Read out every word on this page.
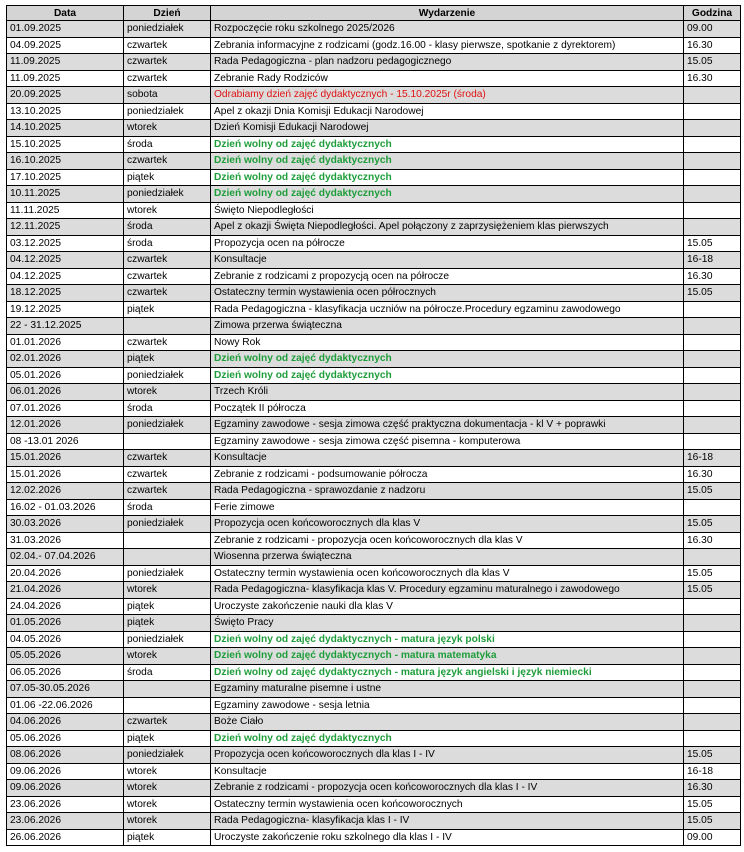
Data	Dzień	Wydarzenie	Godzina
01.09.2025	poniedziałek	Rozpoczęcie roku szkolnego 2025/2026	09.00
04.09.2025	czwartek	Zebrania informacyjne z rodzicami (godz.16.00 - klasy pierwsze, spotkanie z dyrektorem)	16.30
11.09.2025	czwartek	Rada Pedagogiczna - plan nadzoru pedagogicznego	15.05
11.09.2025	czwartek	Zebranie Rady Rodziców	16.30
20.09.2025	sobota	Odrabiamy dzień zajęć dydaktycznych - 15.10.2025r (środa)	
13.10.2025	poniedziałek	Apel z okazji Dnia Komisji Edukacji Narodowej	
14.10.2025	wtorek	Dzień Komisji Edukacji Narodowej	
15.10.2025	środa	Dzień wolny od zajęć dydaktycznych	
16.10.2025	czwartek	Dzień wolny od zajęć dydaktycznych	
17.10.2025	piątek	Dzień wolny od zajęć dydaktycznych	
10.11.2025	poniedziałek	Dzień wolny od zajęć dydaktycznych	
11.11.2025	wtorek	Święto Niepodległości	
12.11.2025	środa	Apel z okazji Święta Niepodległości. Apel połączony z zaprzysiężeniem klas pierwszych	
03.12.2025	środa	Propozycja ocen na półrocze	15.05
04.12.2025	czwartek	Konsultacje	16-18
04.12.2025	czwartek	Zebranie z rodzicami z propozycją ocen na półrocze	16.30
18.12.2025	czwartek	Ostateczny termin wystawienia ocen półrocznych	15.05
19.12.2025	piątek	Rada Pedagogiczna - klasyfikacja uczniów na półrocze.Procedury egzaminu zawodowego	
22 - 31.12.2025		Zimowa przerwa świąteczna	
01.01.2026	czwartek	Nowy Rok	
02.01.2026	piątek	Dzień wolny od zajęć dydaktycznych	
05.01.2026	poniedziałek	Dzień wolny od zajęć dydaktycznych	
06.01.2026	wtorek	Trzech Króli	
07.01.2026	środa	Początek II półrocza	
12.01.2026	poniedziałek	Egzaminy zawodowe - sesja zimowa część praktyczna dokumentacja - kl V + poprawki	
08 -13.01 2026		Egzaminy zawodowe - sesja zimowa część pisemna - komputerowa	
15.01.2026	czwartek	Konsultacje	16-18
15.01.2026	czwartek	Zebranie z rodzicami - podsumowanie półrocza	16.30
12.02.2026	czwartek	Rada Pedagogiczna - sprawozdanie z nadzoru	15.05
16.02 - 01.03.2026	środa	Ferie zimowe	
30.03.2026	poniedziałek	Propozycja ocen końcoworocznych dla klas V	15.05
31.03.2026		Zebranie z rodzicami - propozycja ocen końcoworocznych dla klas V	16.30
02.04.- 07.04.2026		Wiosenna przerwa świąteczna	
20.04.2026	poniedziałek	Ostateczny termin wystawienia ocen końcoworocznych dla klas V	15.05
21.04.2026	wtorek	Rada Pedagogiczna- klasyfikacja klas V. Procedury egzaminu maturalnego i zawodowego	15.05
24.04.2026	piątek	Uroczyste zakończenie nauki dla klas V	
01.05.2026	piątek	Święto Pracy	
04.05.2026	poniedziałek	Dzień wolny od zajęć dydaktycznych - matura język polski	
05.05.2026	wtorek	Dzień wolny od zajęć dydaktycznych - matura matematyka	
06.05.2026	środa	Dzień wolny od zajęć dydaktycznych - matura język angielski i język niemiecki	
07.05-30.05.2026		Egzaminy maturalne pisemne i ustne	
01.06 -22.06.2026		Egzaminy zawodowe - sesja letnia	
04.06.2026	czwartek	Boże Ciało	
05.06.2026	piątek	Dzień wolny od zajęć dydaktycznych	
08.06.2026	poniedziałek	Propozycja ocen końcoworocznych dla klas I - IV	15.05
09.06.2026	wtorek	Konsultacje	16-18
09.06.2026	wtorek	Zebranie z rodzicami - propozycja ocen końcoworocznych dla klas I - IV	16.30
23.06.2026	wtorek	Ostateczny termin wystawienia ocen końcoworocznych	15.05
23.06.2026	wtorek	Rada Pedagogiczna- klasyfikacja klas I - IV	15.05
26.06.2026	piątek	Uroczyste zakończenie roku szkolnego dla klas I - IV	09.00
